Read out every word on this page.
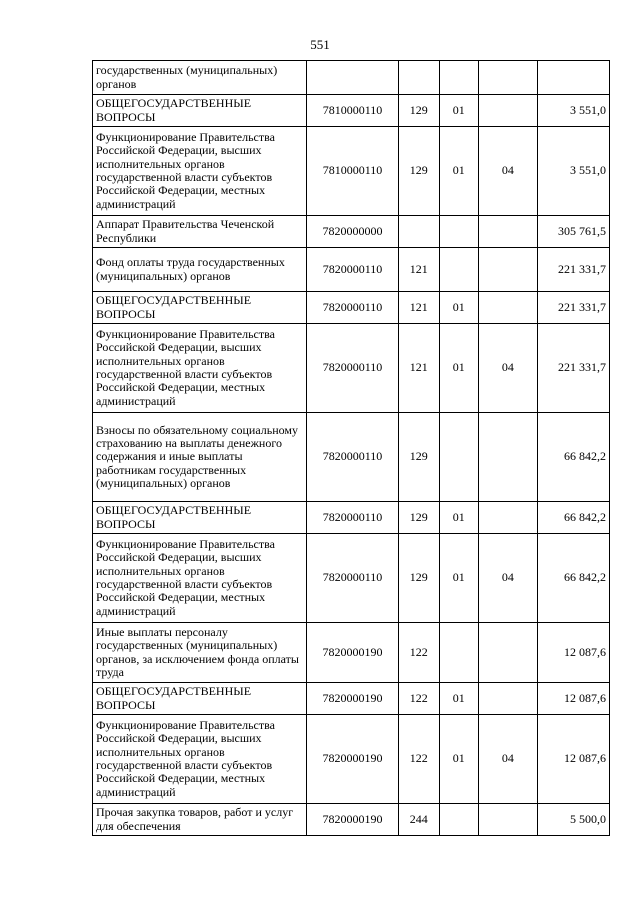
551
государственных (муниципальных) органов					
ОБЩЕГОСУДАРСТВЕННЫЕ ВОПРОСЫ	7810000110	129	01		3 551,0
Функционирование Правительства Российской Федерации, высших исполнительных органов государственной власти субъектов Российской Федерации, местных администраций	7810000110	129	01	04	3 551,0
Аппарат Правительства Чеченской Республики	7820000000				305 761,5
Фонд оплаты труда государственных (муниципальных) органов	7820000110	121			221 331,7
ОБЩЕГОСУДАРСТВЕННЫЕ ВОПРОСЫ	7820000110	121	01		221 331,7
Функционирование Правительства Российской Федерации, высших исполнительных органов государственной власти субъектов Российской Федерации, местных администраций	7820000110	121	01	04	221 331,7
Взносы по обязательному социальному страхованию на выплаты денежного содержания и иные выплаты работникам государственных (муниципальных) органов	7820000110	129			66 842,2
ОБЩЕГОСУДАРСТВЕННЫЕ ВОПРОСЫ	7820000110	129	01		66 842,2
Функционирование Правительства Российской Федерации, высших исполнительных органов государственной власти субъектов Российской Федерации, местных администраций	7820000110	129	01	04	66 842,2
Иные выплаты персоналу государственных (муниципальных) органов, за исключением фонда оплаты труда	7820000190	122			12 087,6
ОБЩЕГОСУДАРСТВЕННЫЕ ВОПРОСЫ	7820000190	122	01		12 087,6
Функционирование Правительства Российской Федерации, высших исполнительных органов государственной власти субъектов Российской Федерации, местных администраций	7820000190	122	01	04	12 087,6
Прочая закупка товаров, работ и услуг для обеспечения	7820000190	244			5 500,0
